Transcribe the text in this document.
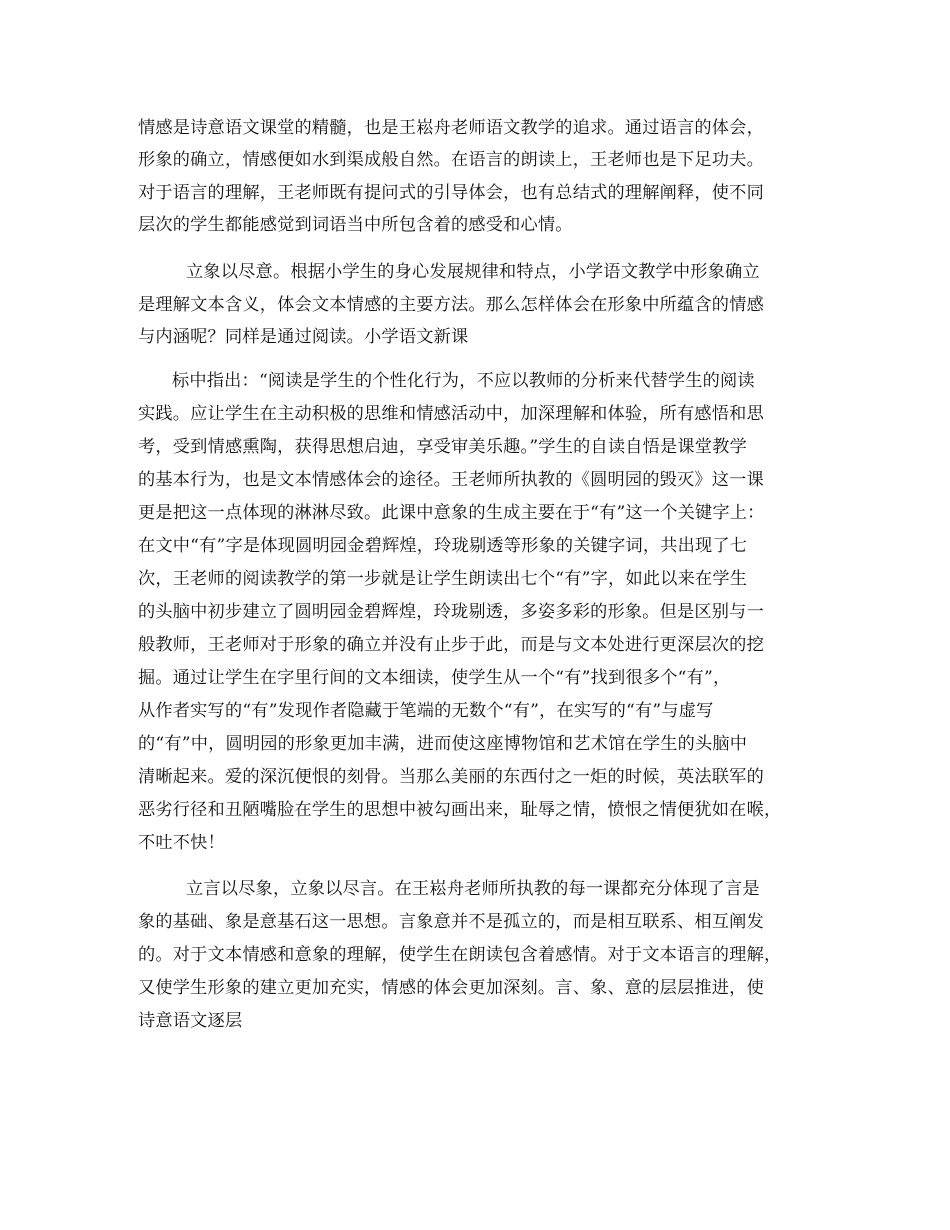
情感是诗意语文课堂的精髓，也是王崧舟老师语文教学的追求。通过语言的体会，
形象的确立，情感便如水到渠成般自然。在语言的朗读上，王老师也是下足功夫。
对于语言的理解，王老师既有提问式的引导体会，也有总结式的理解阐释，使不同
层次的学生都能感觉到词语当中所包含着的感受和心情。
立象以尽意。根据小学生的身心发展规律和特点，小学语文教学中形象确立
是理解文本含义，体会文本情感的主要方法。那么怎样体会在形象中所蕴含的情感
与内涵呢？同样是通过阅读。小学语文新课
标中指出：“阅读是学生的个性化行为，不应以教师的分析来代替学生的阅读
实践。应让学生在主动积极的思维和情感活动中，加深理解和体验，所有感悟和思
考，受到情感熏陶，获得思想启迪，享受审美乐趣。”学生的自读自悟是课堂教学
的基本行为，也是文本情感体会的途径。王老师所执教的《圆明园的毁灭》这一课
更是把这一点体现的淋淋尽致。此课中意象的生成主要在于“有”这一个关键字上：
在文中“有”字是体现圆明园金碧辉煌，玲珑剔透等形象的关键字词，共出现了七
次，王老师的阅读教学的第一步就是让学生朗读出七个“有”字，如此以来在学生
的头脑中初步建立了圆明园金碧辉煌，玲珑剔透，多姿多彩的形象。但是区别与一
般教师，王老师对于形象的确立并没有止步于此，而是与文本处进行更深层次的挖
掘。通过让学生在字里行间的文本细读，使学生从一个“有”找到很多个“有”，
从作者实写的“有”发现作者隐藏于笔端的无数个“有”，在实写的“有”与虚写
的“有”中，圆明园的形象更加丰满，进而使这座博物馆和艺术馆在学生的头脑中
清晰起来。爱的深沉便恨的刻骨。当那么美丽的东西付之一炬的时候，英法联军的
恶劣行径和丑陋嘴脸在学生的思想中被勾画出来，耻辱之情，愤恨之情便犹如在喉，
不吐不快！
立言以尽象，立象以尽言。在王崧舟老师所执教的每一课都充分体现了言是
象的基础、象是意基石这一思想。言象意并不是孤立的，而是相互联系、相互阐发
的。对于文本情感和意象的理解，使学生在朗读包含着感情。对于文本语言的理解，
又使学生形象的建立更加充实，情感的体会更加深刻。言、象、意的层层推进，使
诗意语文逐层
